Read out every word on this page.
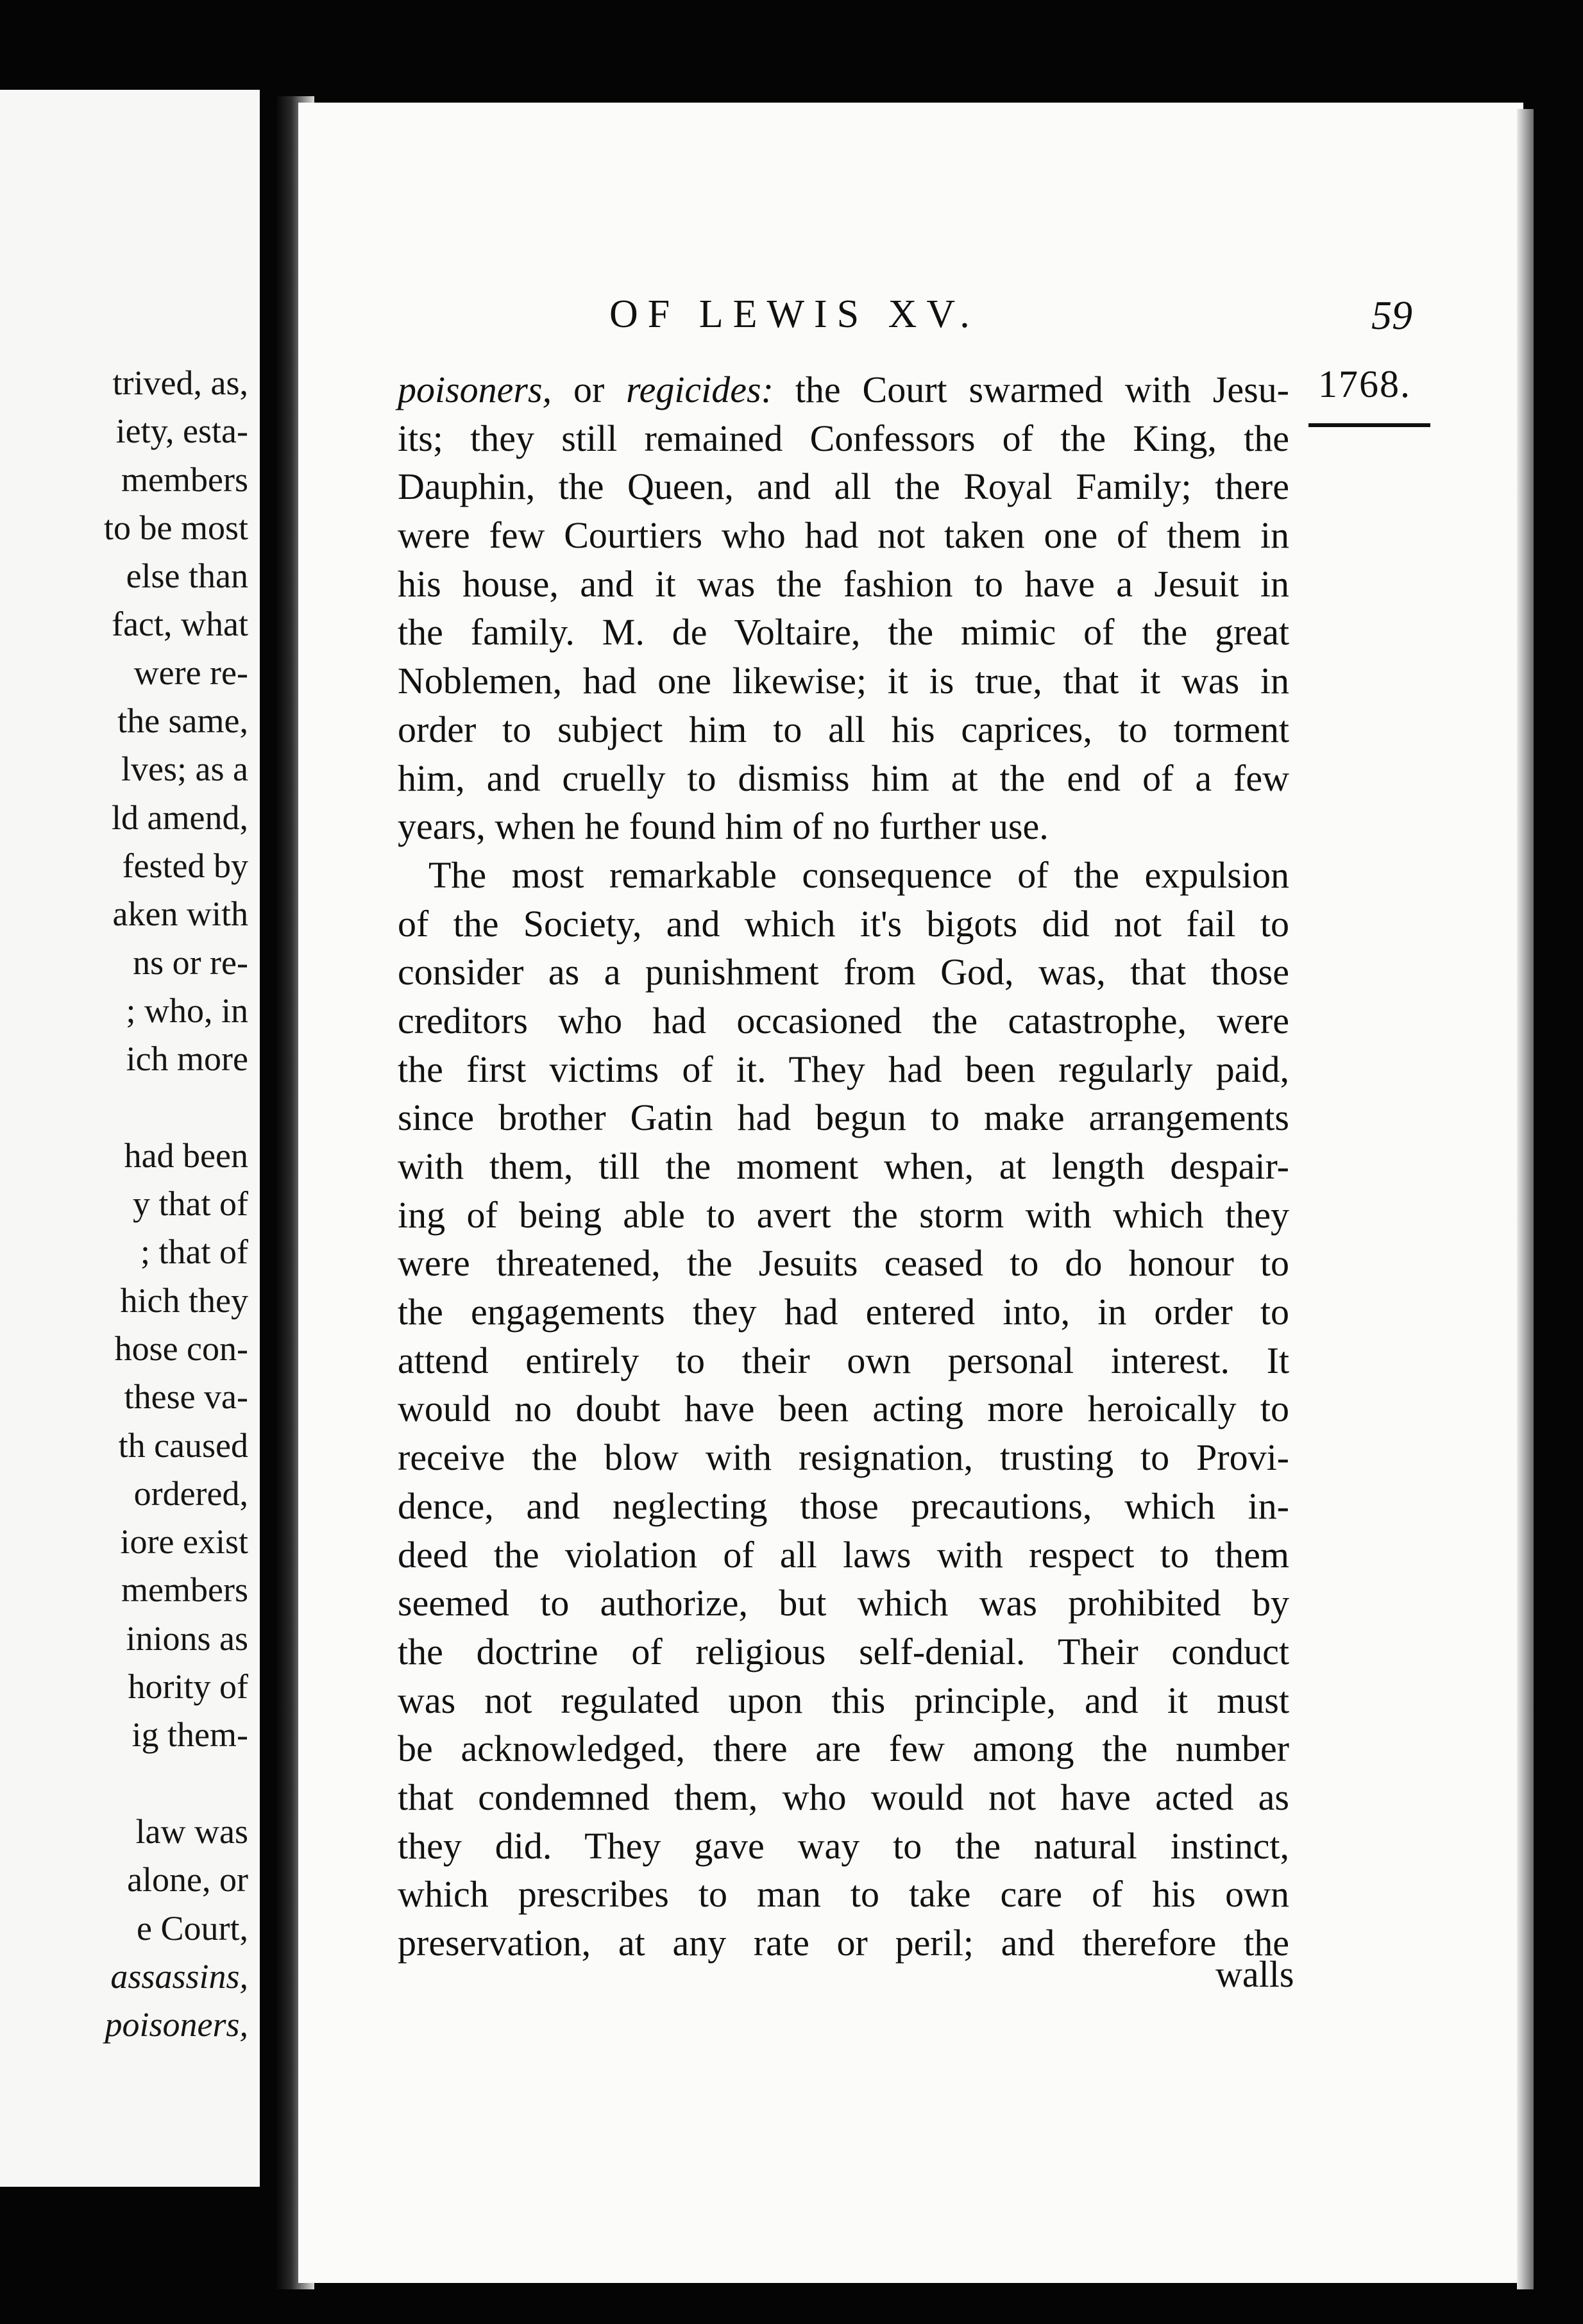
trived, as,
iety, esta-
members
to be most
else than
fact, what
were re-
the same,
lves; as a
ld amend,
fested by
aken with
ns or re-
; who, in
ich more
had been
y that of
; that of
hich they
hose con-
these va-
th caused
ordered,
iore exist
members
inions as
hority of
ig them-
law was
alone, or
e Court,
assassins,
poisoners,
OF LEWIS XV.	59
1768.
poisoners, or regicides: the Court swarmed with Jesu-
its; they still remained Confessors of the King, the
Dauphin, the Queen, and all the Royal Family; there
were few Courtiers who had not taken one of them in
his house, and it was the fashion to have a Jesuit in
the family. M. de Voltaire, the mimic of the great
Noblemen, had one likewise; it is true, that it was in
order to subject him to all his caprices, to torment
him, and cruelly to dismiss him at the end of a few
years, when he found him of no further use.
The most remarkable consequence of the expulsion
of the Society, and which it's bigots did not fail to
consider as a punishment from God, was, that those
creditors who had occasioned the catastrophe, were
the first victims of it. They had been regularly paid,
since brother Gatin had begun to make arrangements
with them, till the moment when, at length despair-
ing of being able to avert the storm with which they
were threatened, the Jesuits ceased to do honour to
the engagements they had entered into, in order to
attend entirely to their own personal interest. It
would no doubt have been acting more heroically to
receive the blow with resignation, trusting to Provi-
dence, and neglecting those precautions, which in-
deed the violation of all laws with respect to them
seemed to authorize, but which was prohibited by
the doctrine of religious self-denial. Their conduct
was not regulated upon this principle, and it must
be acknowledged, there are few among the number
that condemned them, who would not have acted as
they did. They gave way to the natural instinct,
which prescribes to man to take care of his own
preservation, at any rate or peril; and therefore the
walls
